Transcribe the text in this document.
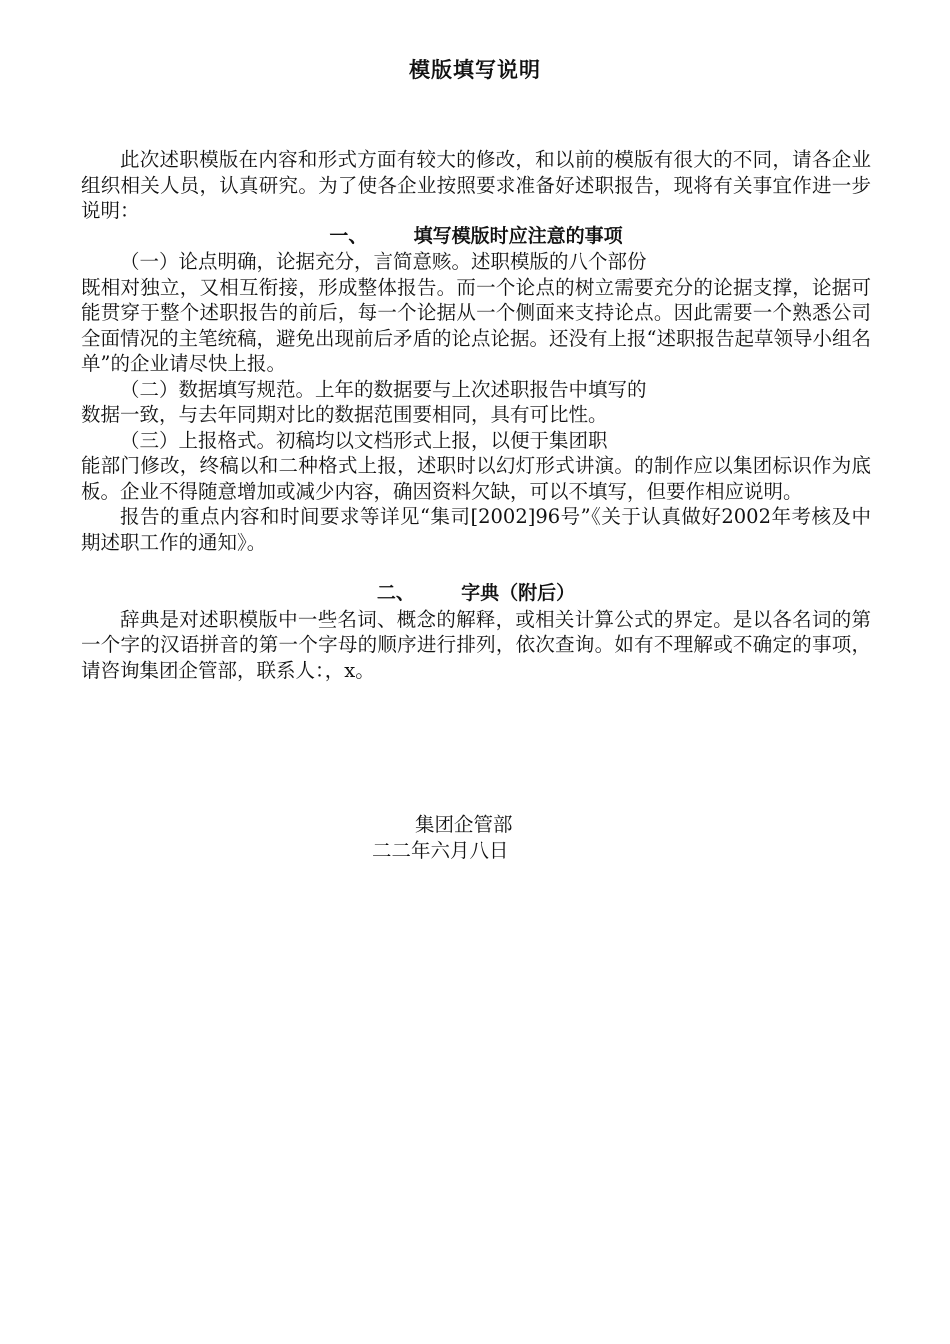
模版填写说明

此次述职模版在内容和形式方面有较大的修改，和以前的模版有很大的不同，请各企业组织相关人员，认真研究。为了使各企业按照要求准备好述职报告，现将有关事宜作进一步说明：

一、 填写模版时应注意的事项

（一）论点明确，论据充分，言简意赅。述职模版的八个部份
既相对独立，又相互衔接，形成整体报告。而一个论点的树立需要充分的论据支撑，论据可能贯穿于整个述职报告的前后，每一个论据从一个侧面来支持论点。因此需要一个熟悉公司全面情况的主笔统稿，避免出现前后矛盾的论点论据。还没有上报“述职报告起草领导小组名单”的企业请尽快上报。

（二）数据填写规范。上年的数据要与上次述职报告中填写的
数据一致，与去年同期对比的数据范围要相同，具有可比性。

（三）上报格式。初稿均以文档形式上报，以便于集团职
能部门修改，终稿以和二种格式上报，述职时以幻灯形式讲演。的制作应以集团标识作为底板。企业不得随意增加或减少内容，确因资料欠缺，可以不填写，但要作相应说明。

报告的重点内容和时间要求等详见“集司[2002]96号”《关于认真做好2002年考核及中期述职工作的通知》。

二、 字典（附后）

辞典是对述职模版中一些名词、概念的解释，或相关计算公式的界定。是以各名词的第一个字的汉语拼音的第一个字母的顺序进行排列，依次查询。如有不理解或不确定的事项，请咨询集团企管部，联系人：，x。

集团企管部
二二年六月八日
